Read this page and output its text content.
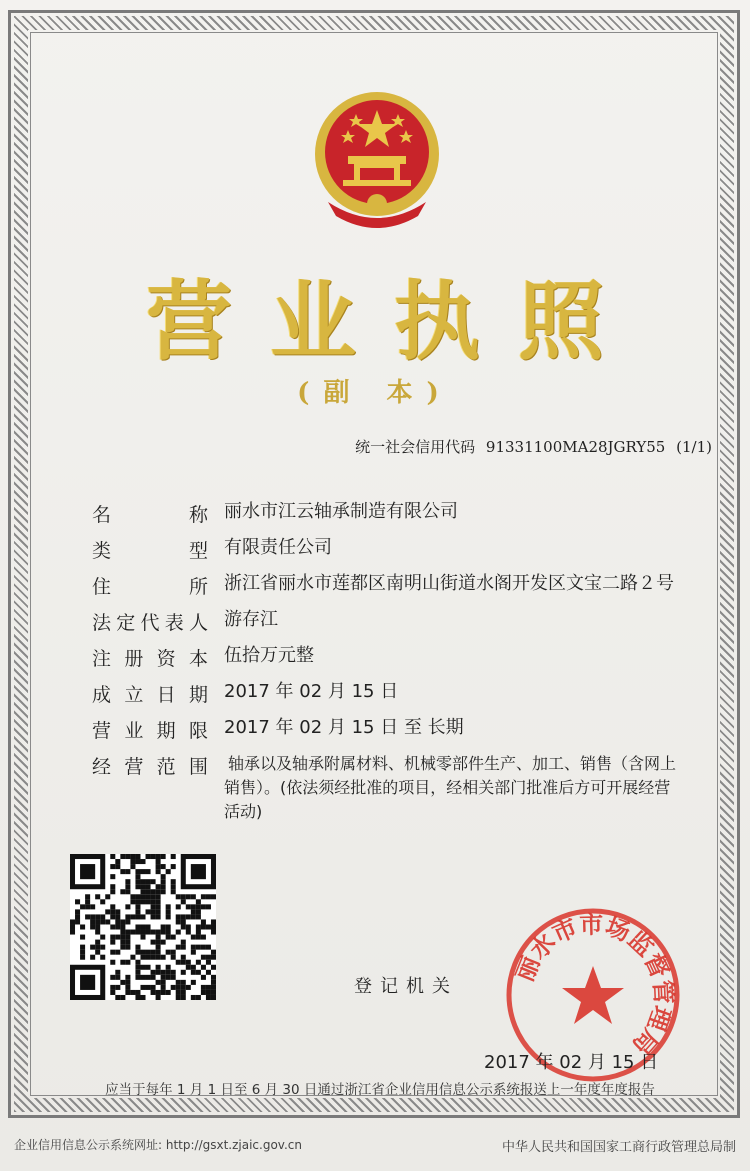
营业执照
(副 本)
统一社会信用代码 91331100MA28JGRY55 (1/1)
名	称 丽水市江云轴承制造有限公司
类	型 有限责任公司
住	所 浙江省丽水市莲都区南明山街道水阁开发区文宝二路２号
法 定 代 表 人 游存江
注 册 资 本 伍拾万元整
成 立 日 期 2017 年 02 月 15 日
营 业 期 限 2017 年 02 月 15 日 至 长期
经 营 范 围 轴承以及轴承附属材料、机械零部件生产、加工、销售（含网上销售）。(依法须经批准的项目，经相关部门批准后方可开展经营活动)
登记机关
丽水市市场监督管理局
2017 年 02 月 15 日
应当于每年 1 月 1 日至 6 月 30 日通过浙江省企业信用信息公示系统报送上一年度年度报告
企业信用信息公示系统网址: http://gsxt.zjaic.gov.cn	中华人民共和国国家工商行政管理总局制
